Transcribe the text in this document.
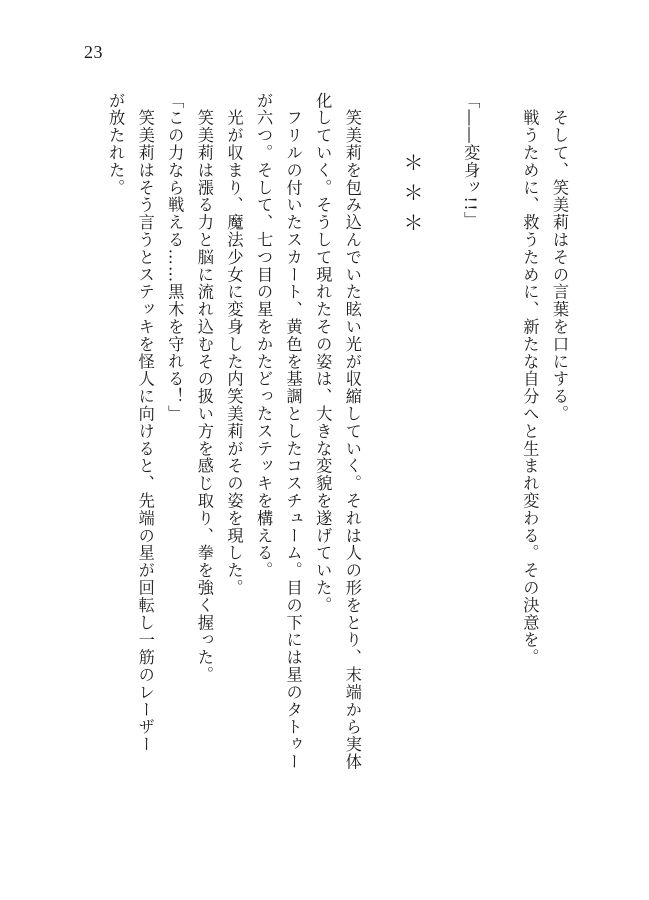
23

　そして、笑美莉はその言葉を口にする。

　戦うために、救うために、新たな自分へと生まれ変わる。その決意を。

「――変身ッ!!」

＊＊＊

　笑美莉を包み込んでいた眩い光が収縮していく。それは人の形をとり、末端から実体

化していく。そうして現れたその姿は、大きな変貌を遂げていた。

　フリルの付いたスカート、黄色を基調としたコスチューム。目の下には星のタトゥー

が六つ。そして、七つ目の星をかたどったステッキを構える。

　光が収まり、魔法少女に変身した内笑美莉がその姿を現した。

　笑美莉は漲る力と脳に流れ込むその扱い方を感じ取り、拳を強く握った。

「この力なら戦える……黒木を守れる！」

　笑美莉はそう言うとステッキを怪人に向けると、先端の星が回転し一筋のレーザー

が放たれた。
